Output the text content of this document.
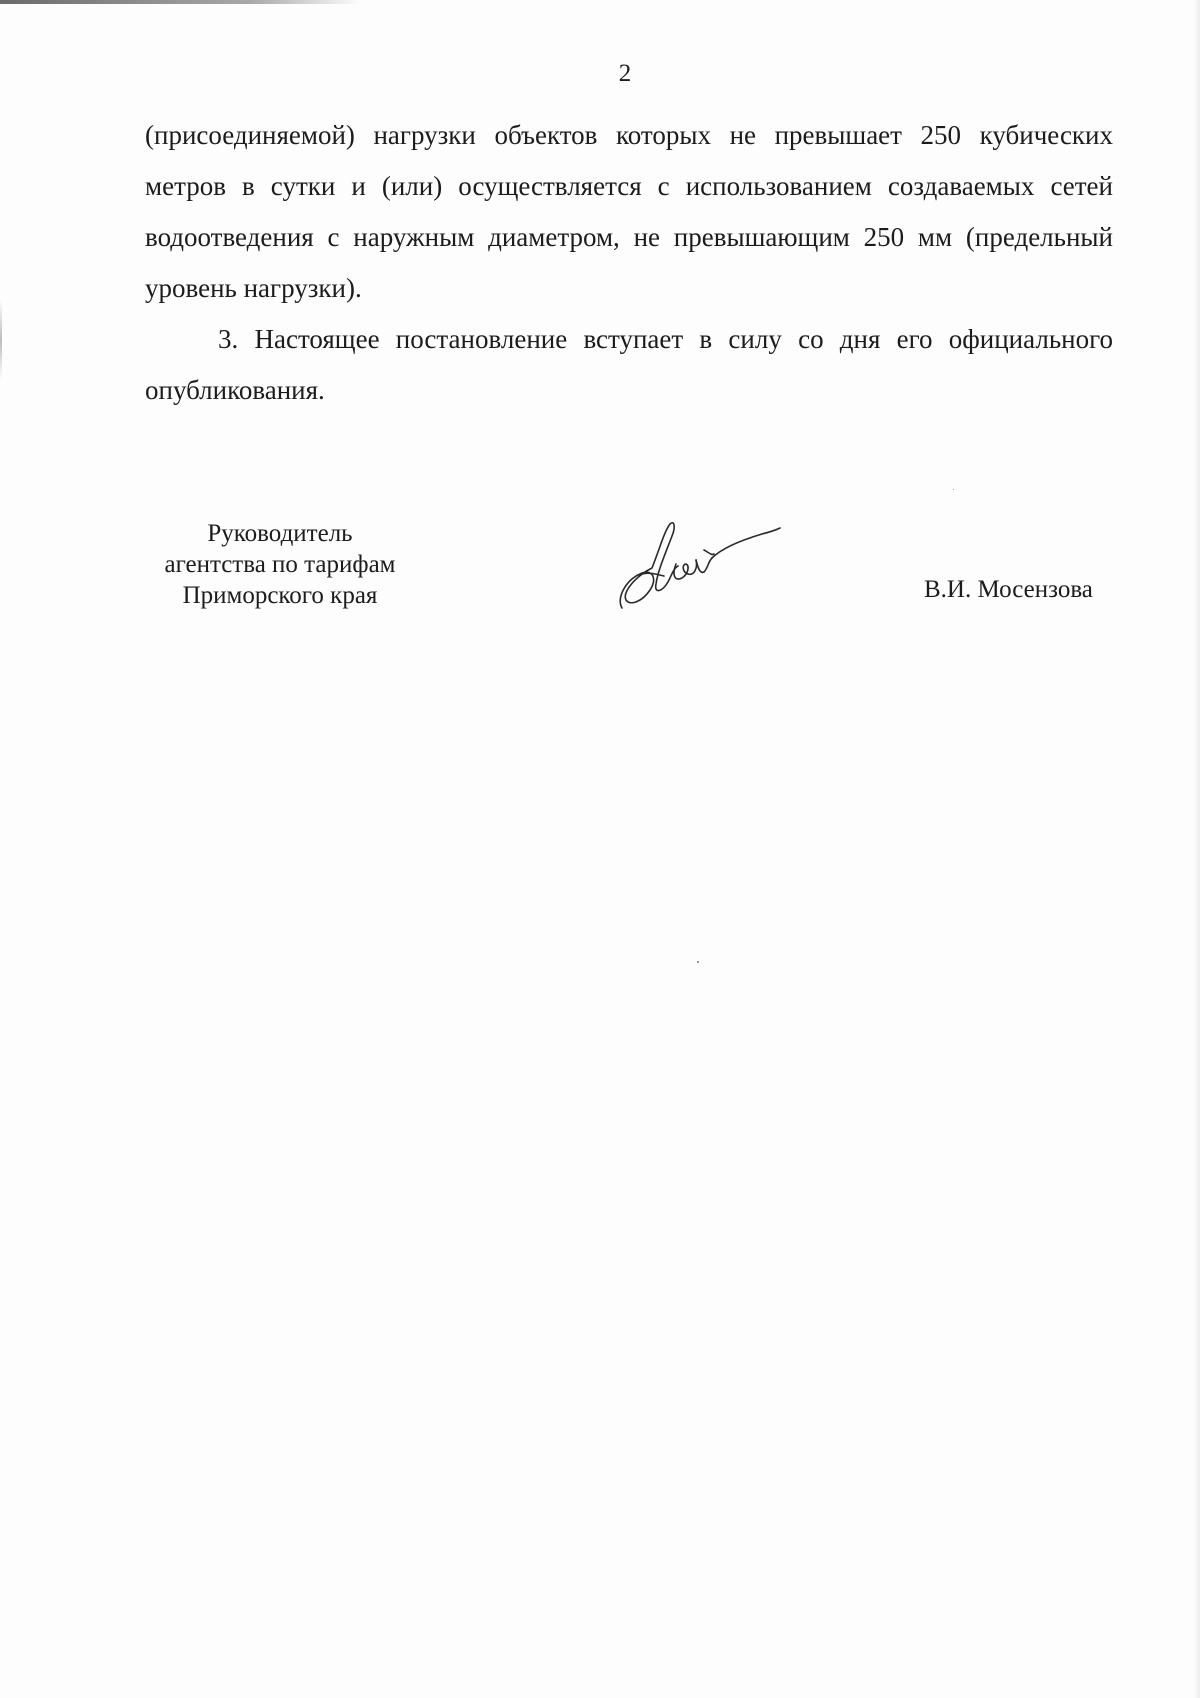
2
(присоединяемой) нагрузки объектов которых не превышает 250 кубических
метров в сутки и (или) осуществляется с использованием создаваемых сетей
водоотведения с наружным диаметром, не превышающим 250 мм (предельный
уровень нагрузки).
3. Настоящее постановление вступает в силу со дня его официального
опубликования.
Руководитель
агентства по тарифам
Приморского края	В.И. Мосензова
